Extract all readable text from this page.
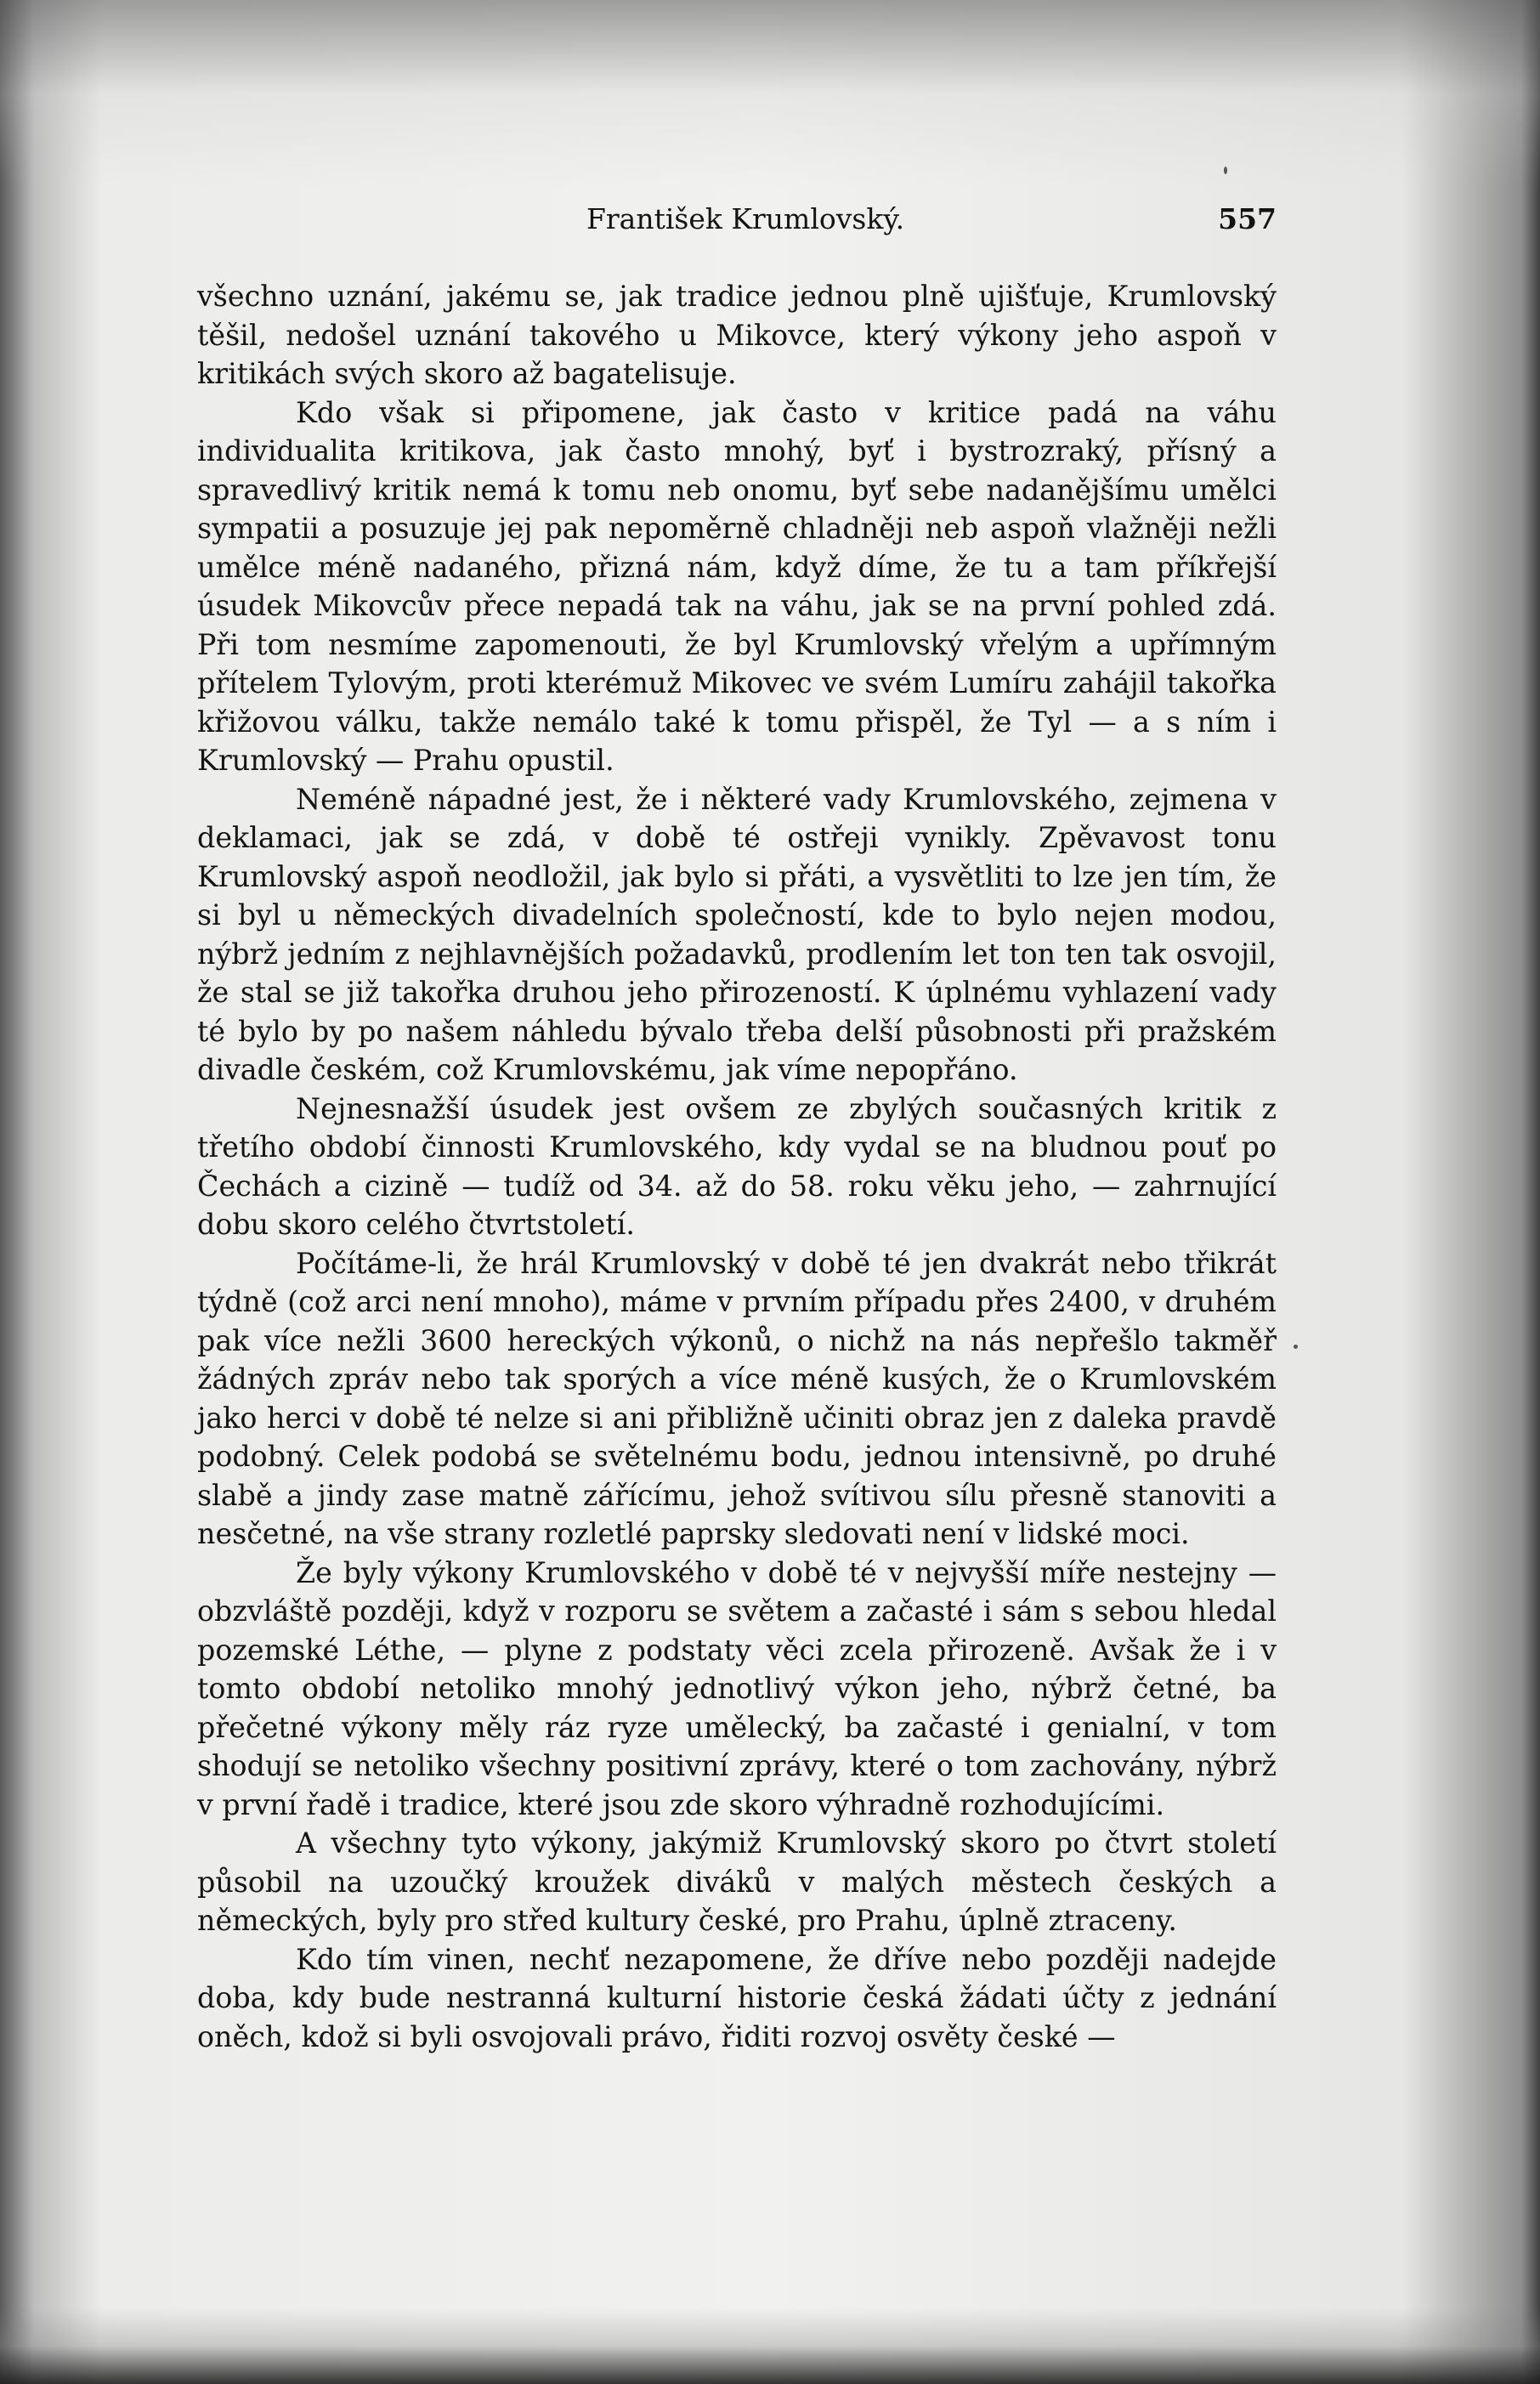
František Krumlovský.	557

všechno uznání, jakému se, jak tradice jednou plně ujišťuje, Krumlovský těšil, nedošel uznání takového u Mikovce, který výkony jeho aspoň v kritikách svých skoro až bagatelisuje.

Kdo však si připomene, jak často v kritice padá na váhu individualita kritikova, jak často mnohý, byť i bystrozraký, přísný a spravedlivý kritik nemá k tomu neb onomu, byť sebe nadanějšímu umělci sympatii a posuzuje jej pak nepoměrně chladněji neb aspoň vlažněji nežli umělce méně nadaného, přizná nám, když díme, že tu a tam příkřejší úsudek Mikovcův přece nepadá tak na váhu, jak se na první pohled zdá. Při tom nesmíme zapomenouti, že byl Krumlovský vřelým a upřímným přítelem Tylovým, proti kterémuž Mikovec ve svém Lumíru zahájil takořka křižovou válku, takže nemálo také k tomu přispěl, že Tyl — a s ním i Krumlovský — Prahu opustil.

Neméně nápadné jest, že i některé vady Krumlovského, zejmena v deklamaci, jak se zdá, v době té ostřeji vynikly. Zpěvavost tonu Krumlovský aspoň neodložil, jak bylo si přáti, a vysvětliti to lze jen tím, že si byl u německých divadelních společností, kde to bylo nejen modou, nýbrž jedním z nejhlavnějších požadavků, prodlením let ton ten tak osvojil, že stal se již takořka druhou jeho přirozeností. K úplnému vyhlazení vady té bylo by po našem náhledu bývalo třeba delší působnosti při pražském divadle českém, což Krumlovskému, jak víme nepopřáno.

Nejnesnažší úsudek jest ovšem ze zbylých současných kritik z třetího období činnosti Krumlovského, kdy vydal se na bludnou pouť po Čechách a cizině — tudíž od 34. až do 58. roku věku jeho, — zahrnující dobu skoro celého čtvrtstoletí.

Počítáme-li, že hrál Krumlovský v době té jen dvakrát nebo třikrát týdně (což arci není mnoho), máme v prvním případu přes 2400, v druhém pak více nežli 3600 hereckých výkonů, o nichž na nás nepřešlo takměř žádných zpráv nebo tak sporých a více méně kusých, že o Krumlovském jako herci v době té nelze si ani přibližně učiniti obraz jen z daleka pravdě podobný. Celek podobá se světelnému bodu, jednou intensivně, po druhé slabě a jindy zase matně zářícímu, jehož svítivou sílu přesně stanoviti a nesčetné, na vše strany rozletlé paprsky sledovati není v lidské moci.

Že byly výkony Krumlovského v době té v nejvyšší míře nestejny — obzvláště později, když v rozporu se světem a začasté i sám s sebou hledal pozemské Léthe, — plyne z podstaty věci zcela přirozeně. Avšak že i v tomto období netoliko mnohý jednotlivý výkon jeho, nýbrž četné, ba přečetné výkony měly ráz ryze umělecký, ba začasté i genialní, v tom shodují se netoliko všechny positivní zprávy, které o tom zachovány, nýbrž v první řadě i tradice, které jsou zde skoro výhradně rozhodujícími.

A všechny tyto výkony, jakýmiž Krumlovský skoro po čtvrt století působil na uzoučký kroužek diváků v malých městech českých a německých, byly pro střed kultury české, pro Prahu, úplně ztraceny.

Kdo tím vinen, nechť nezapomene, že dříve nebo později nadejde doba, kdy bude nestranná kulturní historie česká žádati účty z jednání oněch, kdož si byli osvojovali právo, řiditi rozvoj osvěty české —
